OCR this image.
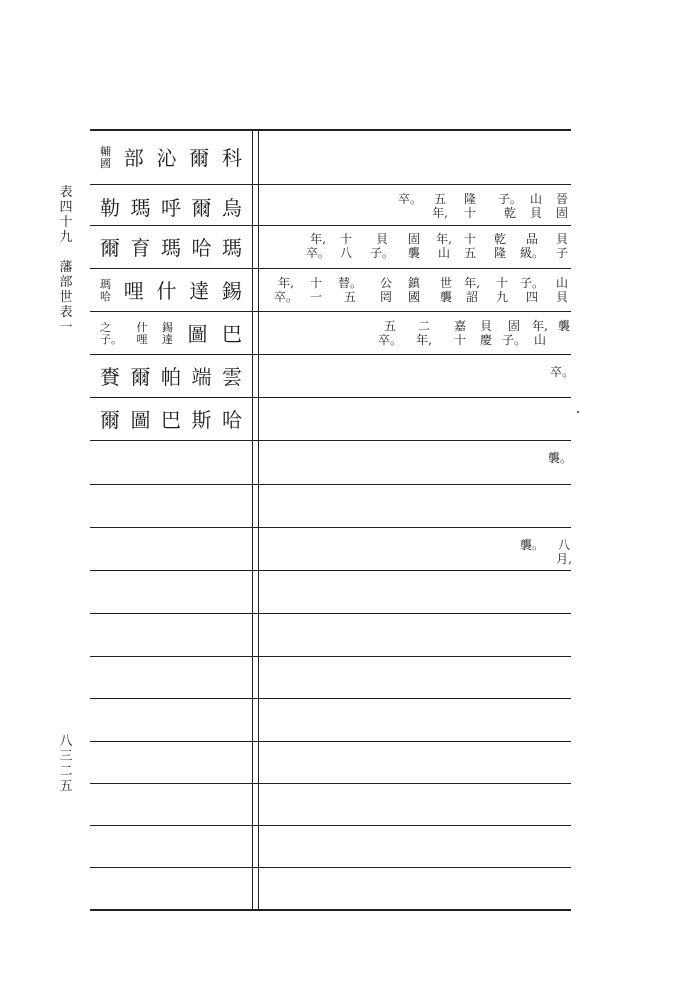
表
四
十
九
藩
部
世
表
一
八
三
二
五
科
爾
沁
部
輔
國
烏
爾
呼
瑪
勒
瑪
哈
瑪
育
爾
錫
達
什
哩
瑪
哈
巴
圖
錫
達
什
哩
之
子。
雲
端
帕
爾
賚
哈
斯
巴
圖
爾
晉
固
山
貝
子。
乾
隆
十
五
年,
卒。
貝
子
品
級。
乾
隆
十
五
年,
山
固
襲
貝
子。
十
八
年,
卒。
山
貝
子。
四
十
九
年,
詔
世
襲
鎮
國
公
罔
替。
五
十
一
年,
卒。
襲
年,
山
固
子。
貝
慶
嘉
十
二
年,
五
卒。
卒。
襲。
八
月,
襲。
